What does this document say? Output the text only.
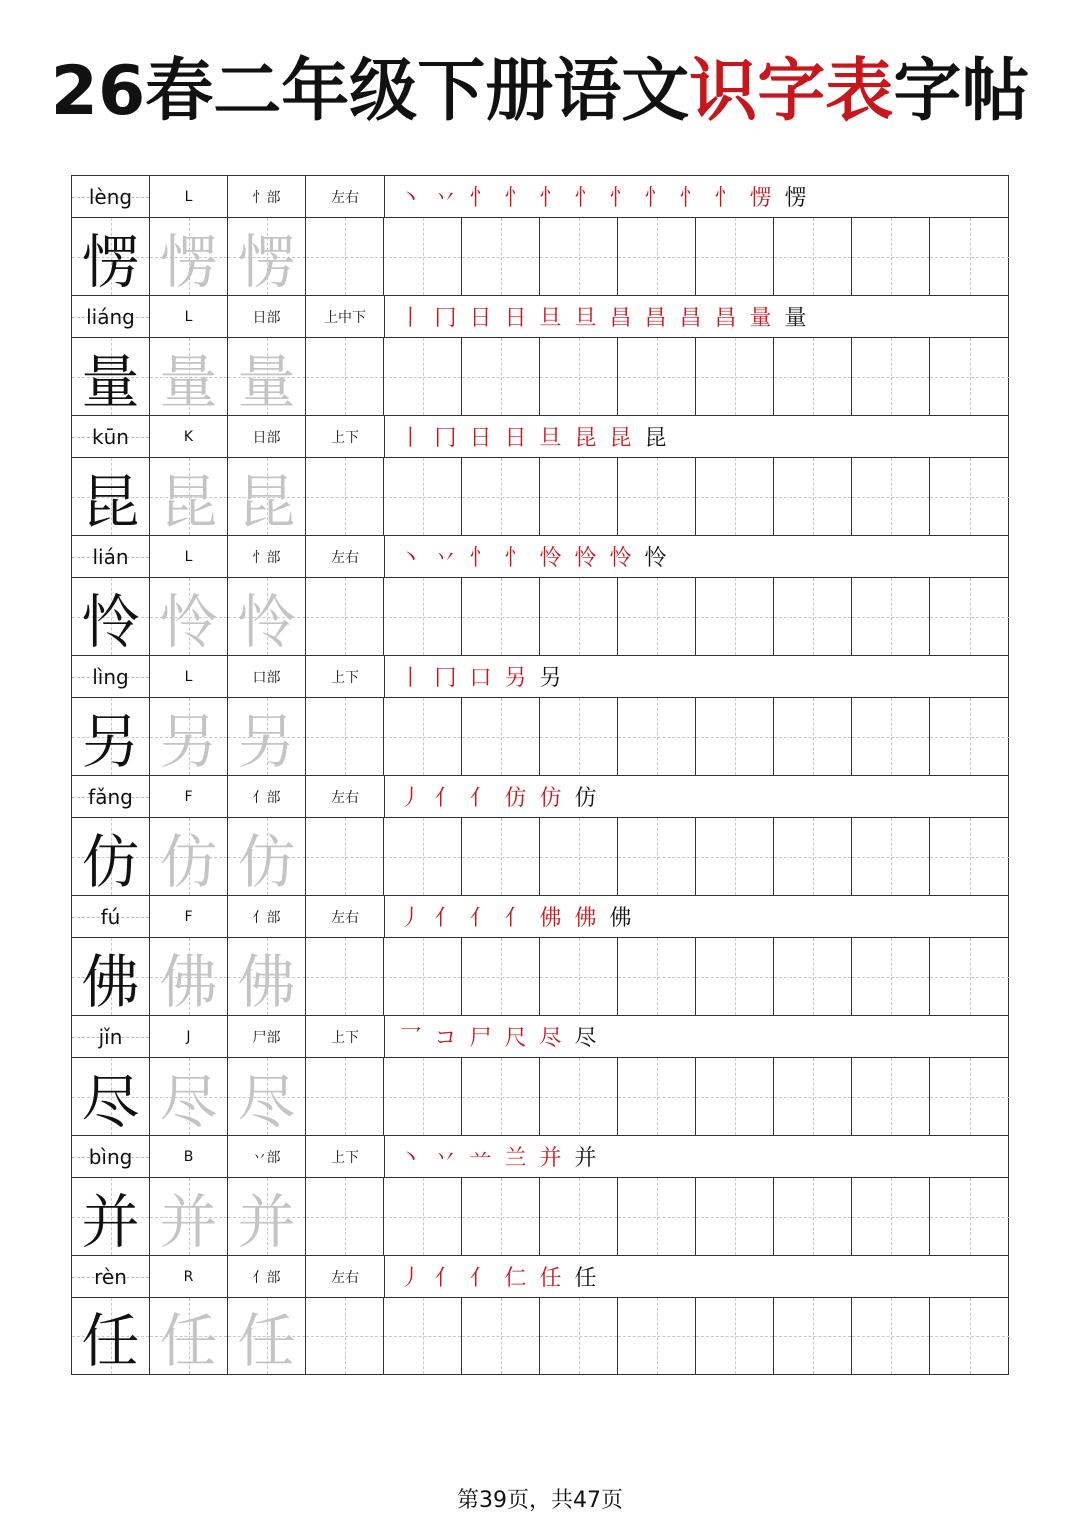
26春二年级下册语文识字表字帖
lèng	L	忄部	左右	丶 丷 忄 忄 忄 忄 忄 忄 忄 忄 愣 愣
愣 愣 愣
liáng	L	日部	上中下	丨 冂 日 日 旦 旦 昌 昌 昌 昌 量 量
量 量 量
kūn	K	日部	上下	丨 冂 日 日 旦 昆 昆 昆
昆 昆 昆
lián	L	忄部	左右	丶 丷 忄 忄 怜 怜 怜 怜
怜 怜 怜
lìng	L	口部	上下	丨 冂 口 另 另
另 另 另
fǎng	F	亻部	左右	丿 亻 亻 仿 仿 仿
仿 仿 仿
fú	F	亻部	左右	丿 亻 亻 亻 佛 佛 佛
佛 佛 佛
jǐn	J	尸部	上下	乛 コ 尸 尺 尽 尽
尽 尽 尽
bìng	B	丷部	上下	丶 丷 䒑 兰 并 并
并 并 并
rèn	R	亻部	左右	丿 亻 亻 仁 任 任
任 任 任
第39页，共47页
